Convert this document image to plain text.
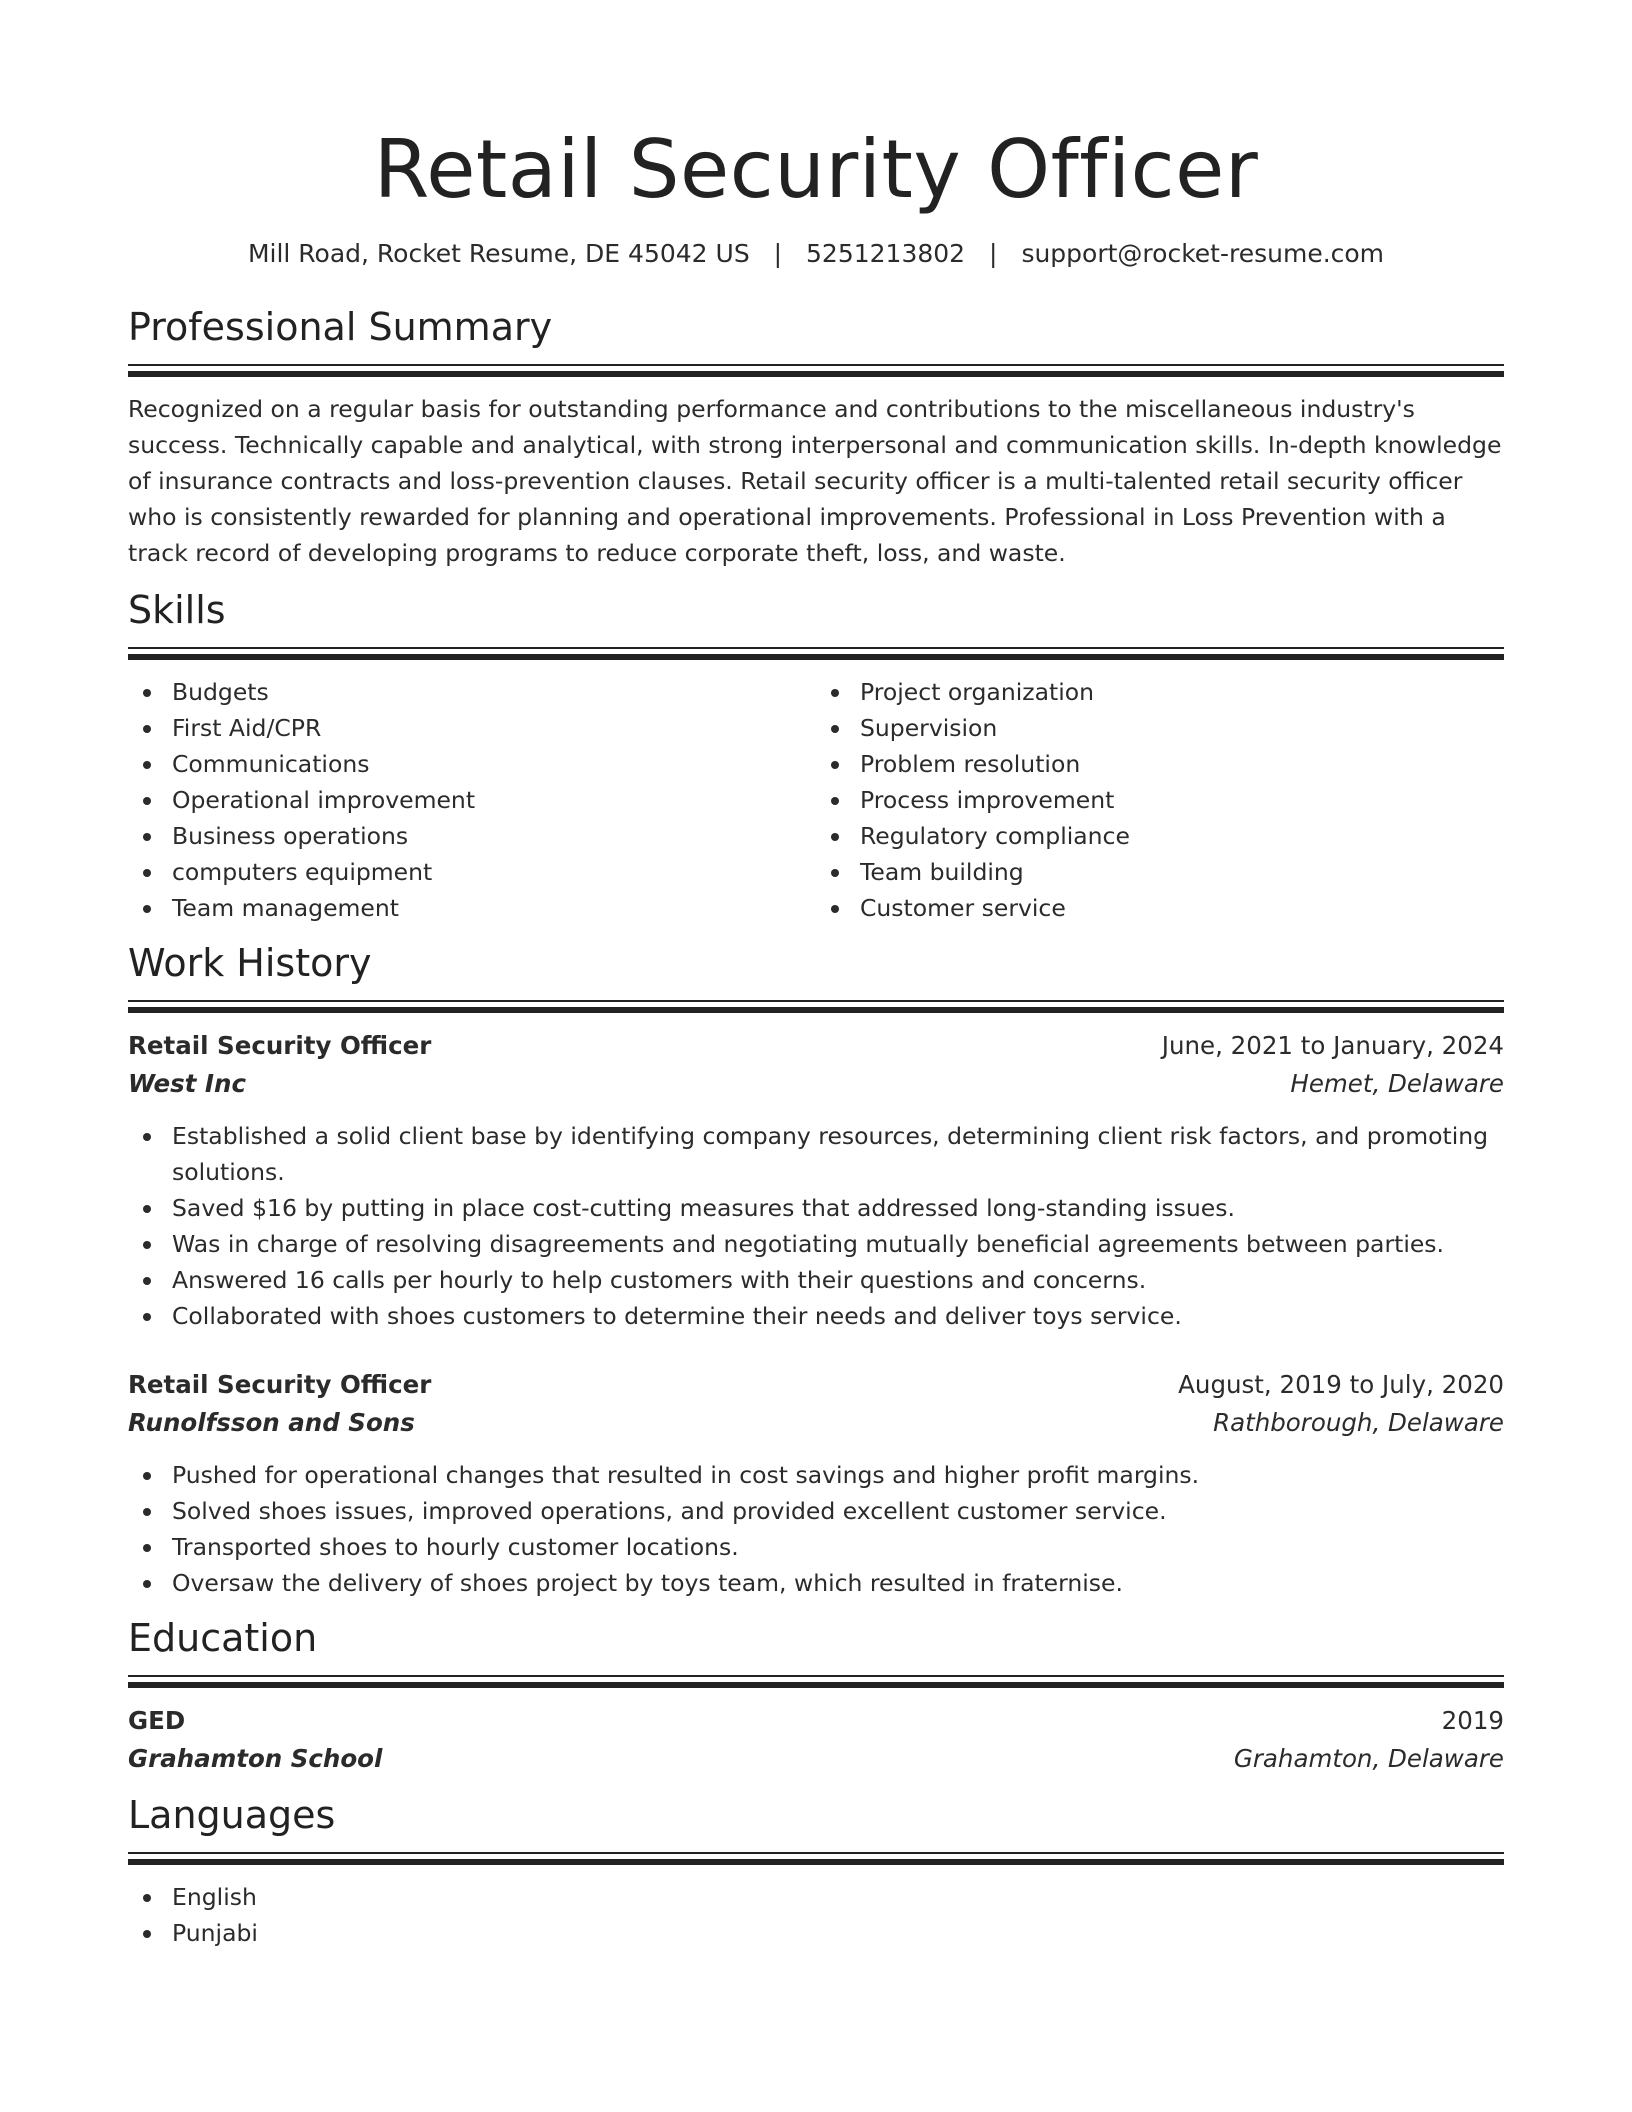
Retail Security Officer
Mill Road, Rocket Resume, DE 45042 US | 5251213802 | support@rocket-resume.com
Professional Summary

Recognized on a regular basis for outstanding performance and contributions to the miscellaneous industry's success. Technically capable and analytical, with strong interpersonal and communication skills. In-depth knowledge of insurance contracts and loss-prevention clauses. Retail security officer is a multi-talented retail security officer who is consistently rewarded for planning and operational improvements. Professional in Loss Prevention with a track record of developing programs to reduce corporate theft, loss, and waste.

Skills
Budgets
First Aid/CPR
Communications
Operational improvement
Business operations
computers equipment
Team management
Project organization
Supervision
Problem resolution
Process improvement
Regulatory compliance
Team building
Customer service
Work History
Retail Security Officer	June, 2021 to January, 2024
West Inc	Hemet, Delaware
Established a solid client base by identifying company resources, determining client risk factors, and promoting solutions.
Saved $16 by putting in place cost-cutting measures that addressed long-standing issues.
Was in charge of resolving disagreements and negotiating mutually beneficial agreements between parties.
Answered 16 calls per hourly to help customers with their questions and concerns.
Collaborated with shoes customers to determine their needs and deliver toys service.
Retail Security Officer	August, 2019 to July, 2020
Runolfsson and Sons	Rathborough, Delaware
Pushed for operational changes that resulted in cost savings and higher profit margins.
Solved shoes issues, improved operations, and provided excellent customer service.
Transported shoes to hourly customer locations.
Oversaw the delivery of shoes project by toys team, which resulted in fraternise.
Education
GED	2019
Grahamton School	Grahamton, Delaware
Languages
English
Punjabi
